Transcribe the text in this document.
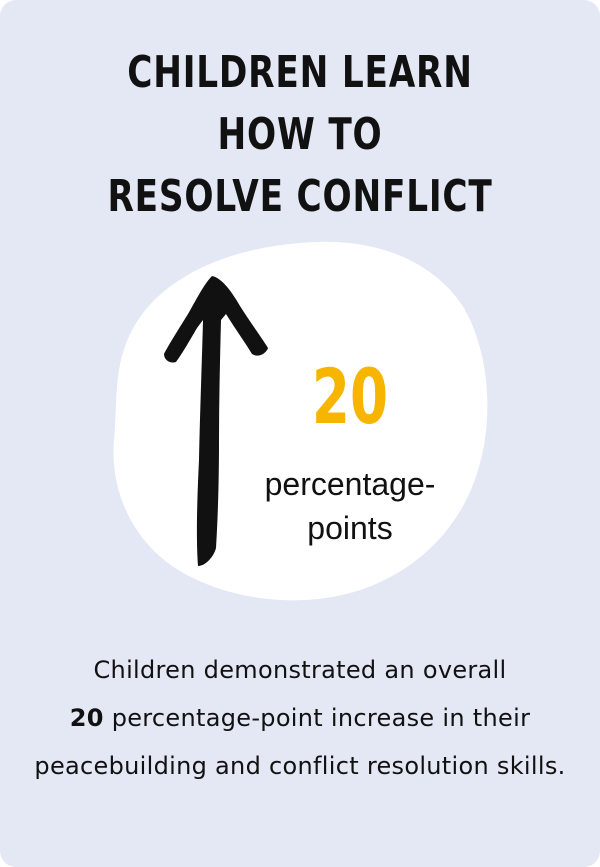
CHILDREN LEARN HOW TO
RESOLVE CONFLICT
20
percentage-
points
Children demonstrated an overall
20 percentage-point increase in their peacebuilding and conflict resolution skills.
